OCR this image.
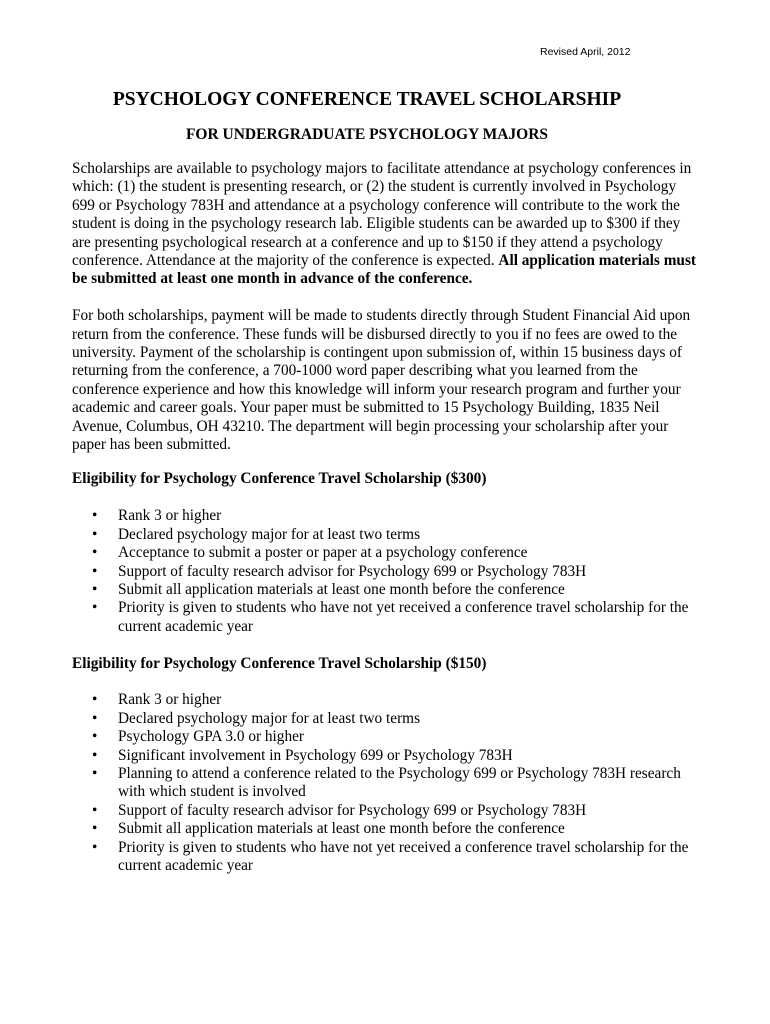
Revised April, 2012
PSYCHOLOGY CONFERENCE TRAVEL SCHOLARSHIP
FOR UNDERGRADUATE PSYCHOLOGY MAJORS

Scholarships are available to psychology majors to facilitate attendance at psychology conferences in which: (1) the student is presenting research, or (2) the student is currently involved in Psychology 699 or Psychology 783H and attendance at a psychology conference will contribute to the work the student is doing in the psychology research lab. Eligible students can be awarded up to $300 if they are presenting psychological research at a conference and up to $150 if they attend a psychology conference. Attendance at the majority of the conference is expected. All application materials must be submitted at least one month in advance of the conference.

For both scholarships, payment will be made to students directly through Student Financial Aid upon return from the conference. These funds will be disbursed directly to you if no fees are owed to the university. Payment of the scholarship is contingent upon submission of, within 15 business days of returning from the conference, a 700-1000 word paper describing what you learned from the conference experience and how this knowledge will inform your research program and further your academic and career goals. Your paper must be submitted to 15 Psychology Building, 1835 Neil Avenue, Columbus, OH 43210. The department will begin processing your scholarship after your paper has been submitted.

Eligibility for Psychology Conference Travel Scholarship ($300)

• Rank 3 or higher
• Declared psychology major for at least two terms
• Acceptance to submit a poster or paper at a psychology conference
• Support of faculty research advisor for Psychology 699 or Psychology 783H
• Submit all application materials at least one month before the conference
• Priority is given to students who have not yet received a conference travel scholarship for the current academic year

Eligibility for Psychology Conference Travel Scholarship ($150)

• Rank 3 or higher
• Declared psychology major for at least two terms
• Psychology GPA 3.0 or higher
• Significant involvement in Psychology 699 or Psychology 783H
• Planning to attend a conference related to the Psychology 699 or Psychology 783H research with which student is involved
• Support of faculty research advisor for Psychology 699 or Psychology 783H
• Submit all application materials at least one month before the conference
• Priority is given to students who have not yet received a conference travel scholarship for the current academic year
